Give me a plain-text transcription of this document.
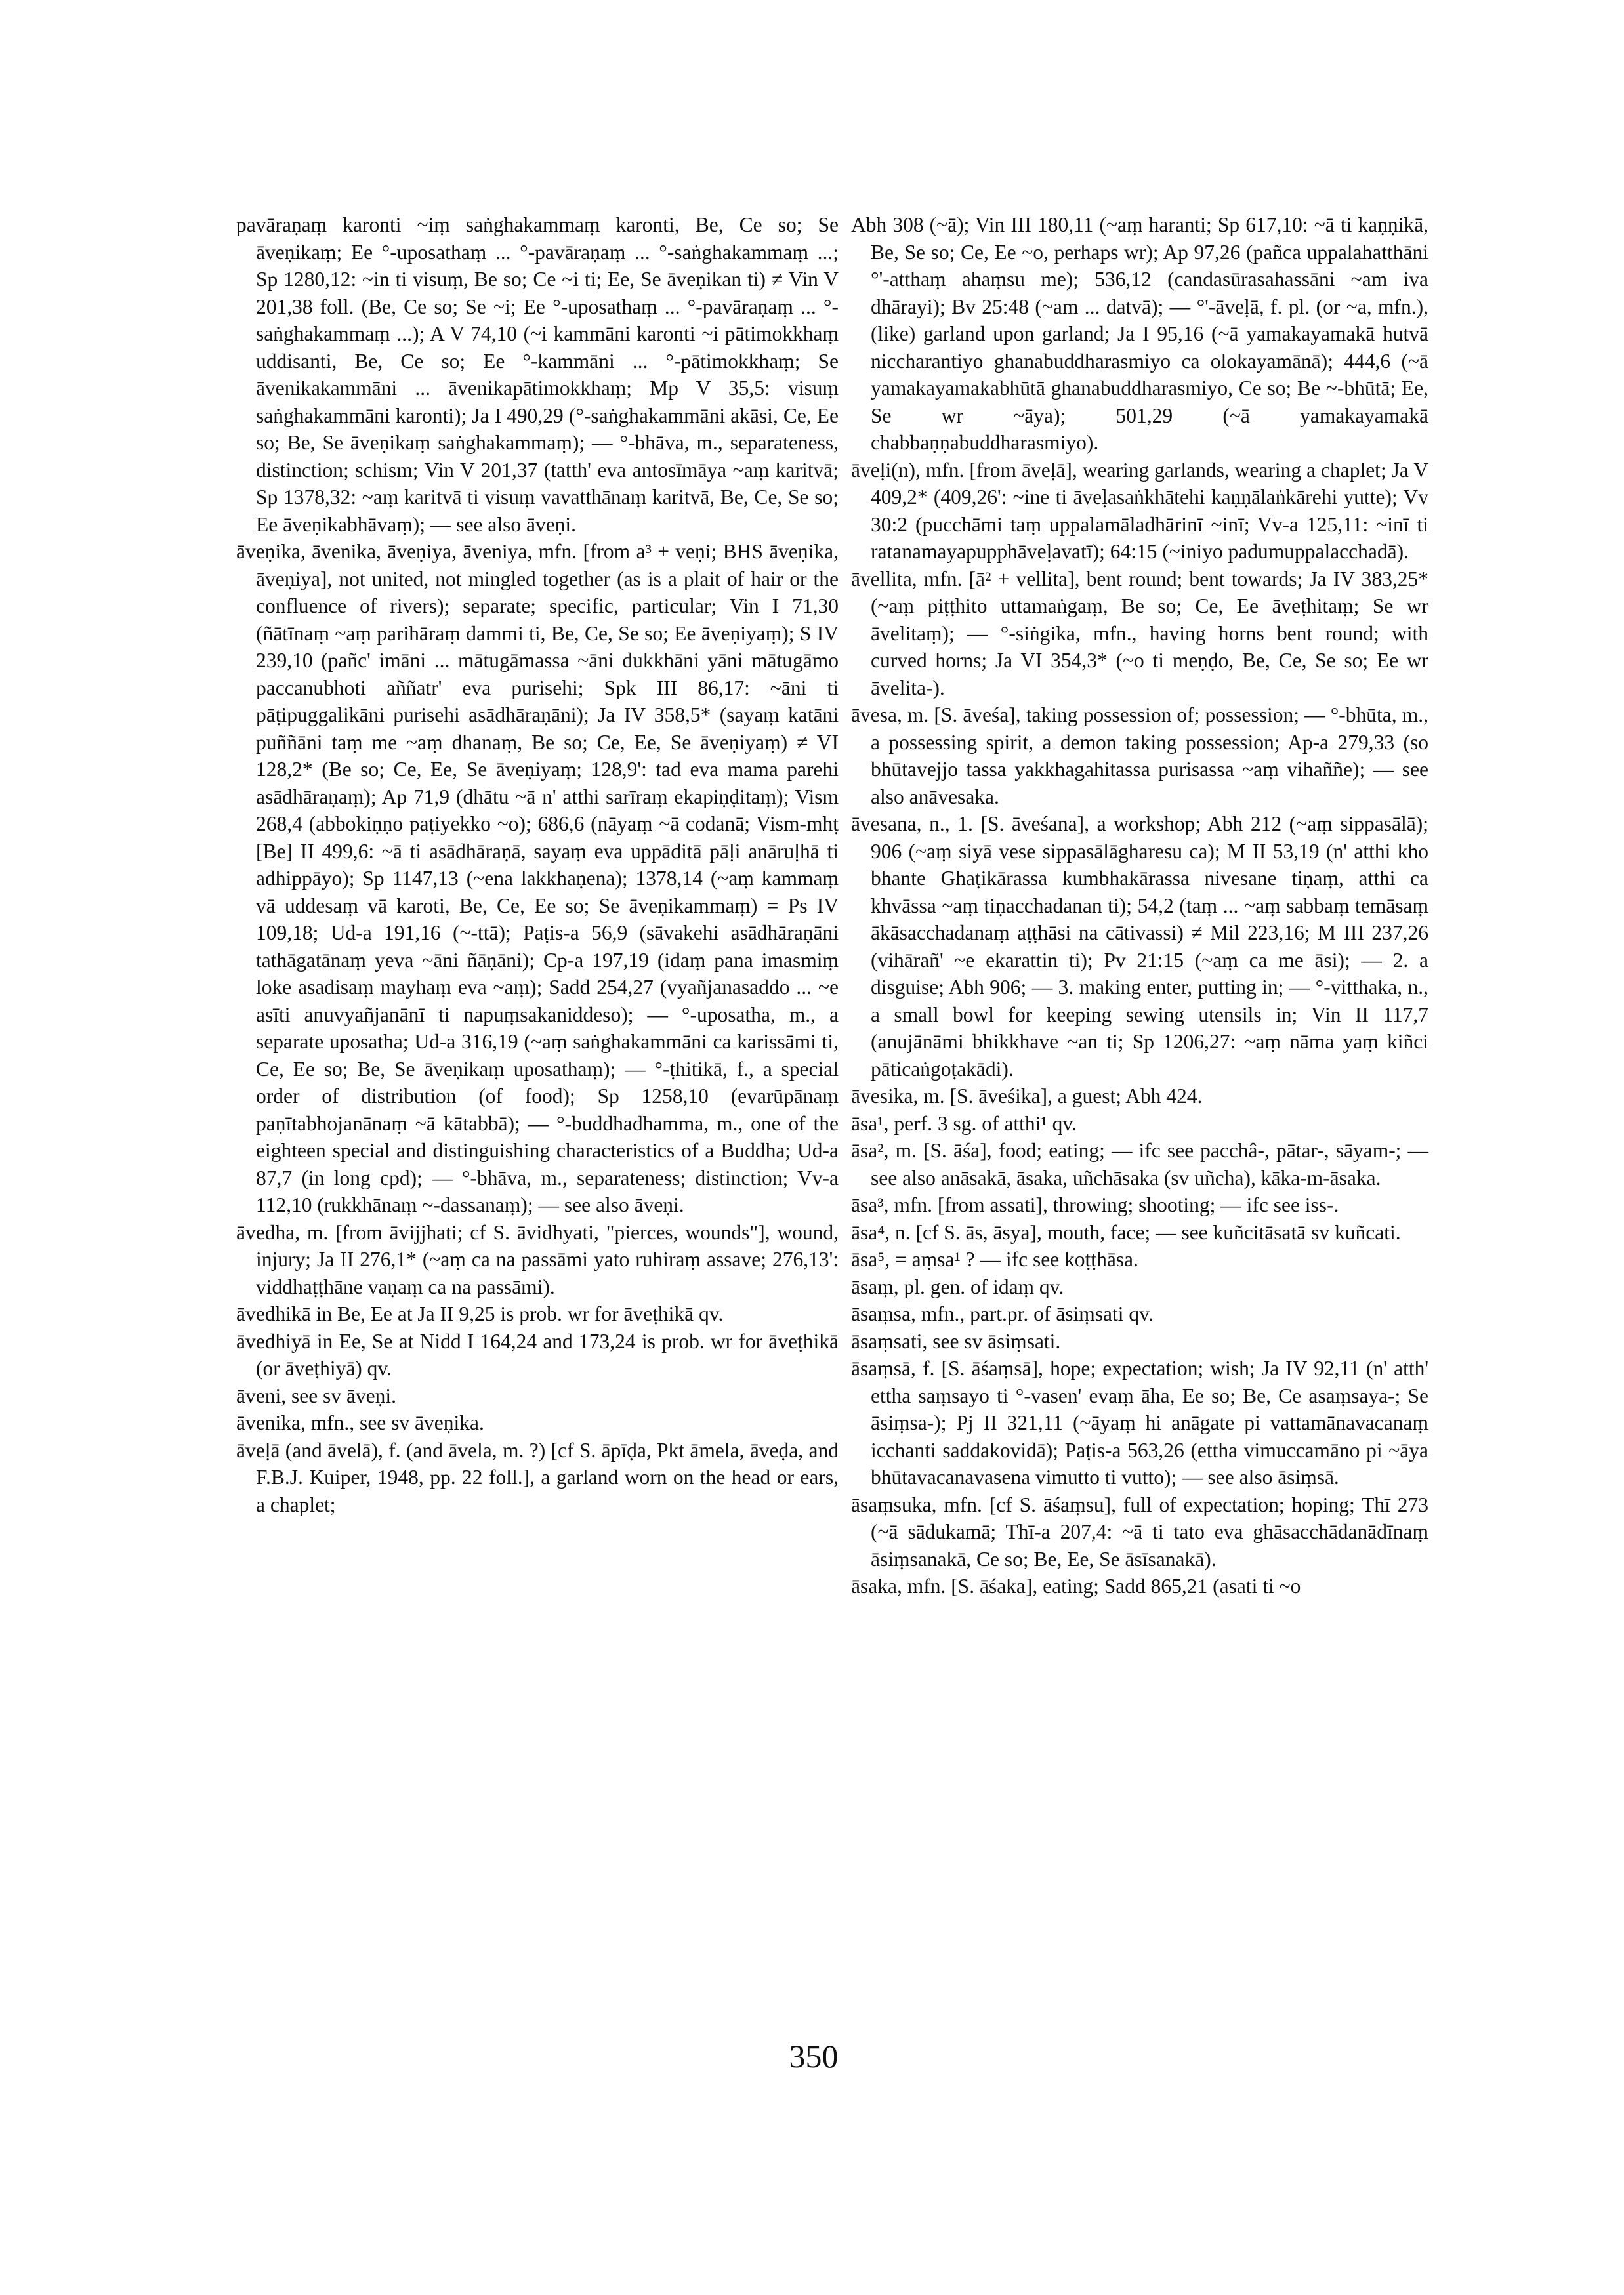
pavāraṇaṃ karonti ~iṃ saṅghakammaṃ karonti, Be, Ce so; Se āveṇikaṃ; Ee °-uposathaṃ ... °-pavāraṇaṃ ... °-saṅghakammaṃ ...; Sp 1280,12: ~in ti visuṃ, Be so; Ce ~i ti; Ee, Se āveṇikan ti) ≠ Vin V 201,38 foll. (Be, Ce so; Se ~i; Ee °-uposathaṃ ... °-pavāraṇaṃ ... °-saṅghakammaṃ ...); A V 74,10 (~i kammāni karonti ~i pātimokkhaṃ uddisanti, Be, Ce so; Ee °-kammāni ... °-pātimokkhaṃ; Se āvenikakammāni ... āvenikapātimokkhaṃ; Mp V 35,5: visuṃ saṅghakammāni karonti); Ja I 490,29 (°-saṅghakammāni akāsi, Ce, Ee so; Be, Se āveṇikaṃ saṅghakammaṃ); — °-bhāva, m., separateness, distinction; schism; Vin V 201,37 (tatth' eva antosīmāya ~aṃ karitvā; Sp 1378,32: ~aṃ karitvā ti visuṃ vavatthānaṃ karitvā, Be, Ce, Se so; Ee āveṇikabhāvaṃ); — see also āveṇi.

āveṇika, āvenika, āveṇiya, āveniya, mfn. [from a³ + veṇi; BHS āveṇika, āveṇiya], not united, not mingled together (as is a plait of hair or the confluence of rivers); separate; specific, particular; Vin I 71,30 (ñātīnaṃ ~aṃ parihāraṃ dammi ti, Be, Ce, Se so; Ee āveṇiyaṃ); S IV 239,10 (pañc' imāni ... mātugāmassa ~āni dukkhāni yāni mātugāmo paccanubhoti aññatr' eva purisehi; Spk III 86,17: ~āni ti pāṭipuggalikāni purisehi asādhāraṇāni); Ja IV 358,5* (sayaṃ katāni puññāni taṃ me ~aṃ dhanaṃ, Be so; Ce, Ee, Se āveṇiyaṃ) ≠ VI 128,2* (Be so; Ce, Ee, Se āveṇiyaṃ; 128,9': tad eva mama parehi asādhāraṇaṃ); Ap 71,9 (dhātu ~ā n' atthi sarīraṃ ekapiṇḍitaṃ); Vism 268,4 (abbokiṇṇo paṭiyekko ~o); 686,6 (nāyaṃ ~ā codanā; Vism-mhṭ [Be] II 499,6: ~ā ti asādhāraṇā, sayaṃ eva uppāditā pāḷi anāruḷhā ti adhippāyo); Sp 1147,13 (~ena lakkhaṇena); 1378,14 (~aṃ kammaṃ vā uddesaṃ vā karoti, Be, Ce, Ee so; Se āveṇikammaṃ) = Ps IV 109,18; Ud-a 191,16 (~-ttā); Paṭis-a 56,9 (sāvakehi asādhāraṇāni tathāgatānaṃ yeva ~āni ñāṇāni); Cp-a 197,19 (idaṃ pana imasmiṃ loke asadisaṃ mayhaṃ eva ~aṃ); Sadd 254,27 (vyañjanasaddo ... ~e asīti anuvyañjanānī ti napuṃsakaniddeso); — °-uposatha, m., a separate uposatha; Ud-a 316,19 (~aṃ saṅghakammāni ca karissāmi ti, Ce, Ee so; Be, Se āveṇikaṃ uposathaṃ); — °-ṭhitikā, f., a special order of distribution (of food); Sp 1258,10 (evarūpānaṃ paṇītabhojanānaṃ ~ā kātabbā); — °-buddhadhamma, m., one of the eighteen special and distinguishing characteristics of a Buddha; Ud-a 87,7 (in long cpd); — °-bhāva, m., separateness; distinction; Vv-a 112,10 (rukkhānaṃ ~-dassanaṃ); — see also āveṇi.

āvedha, m. [from āvijjhati; cf S. āvidhyati, "pierces, wounds"], wound, injury; Ja II 276,1* (~aṃ ca na passāmi yato ruhiraṃ assave; 276,13': viddhaṭṭhāne vaṇaṃ ca na passāmi).

āvedhikā in Be, Ee at Ja II 9,25 is prob. wr for āveṭhikā qv.

āvedhiyā in Ee, Se at Nidd I 164,24 and 173,24 is prob. wr for āveṭhikā (or āveṭhiyā) qv.

āveni, see sv āveṇi.

āvenika, mfn., see sv āveṇika.

āveḷā (and āvelā), f. (and āvela, m. ?) [cf S. āpīḍa, Pkt āmela, āveḍa, and F.B.J. Kuiper, 1948, pp. 22 foll.], a garland worn on the head or ears, a chaplet;

Abh 308 (~ā); Vin III 180,11 (~aṃ haranti; Sp 617,10: ~ā ti kaṇṇikā, Be, Se so; Ce, Ee ~o, perhaps wr); Ap 97,26 (pañca uppalahatthāni °'-atthaṃ ahaṃsu me); 536,12 (candasūrasahassāni ~am iva dhārayi); Bv 25:48 (~am ... datvā); — °'-āveḷā, f. pl. (or ~a, mfn.), (like) garland upon garland; Ja I 95,16 (~ā yamakayamakā hutvā niccharantiyo ghanabuddharasmiyo ca olokayamānā); 444,6 (~ā yamakayamakabhūtā ghanabuddharasmiyo, Ce so; Be ~-bhūtā; Ee, Se wr ~āya); 501,29 (~ā yamakayamakā chabbaṇṇabuddharasmiyo).

āveḷi(n), mfn. [from āveḷā], wearing garlands, wearing a chaplet; Ja V 409,2* (409,26': ~ine ti āveḷasaṅkhātehi kaṇṇālaṅkārehi yutte); Vv 30:2 (pucchāmi taṃ uppalamāladhārinī ~inī; Vv-a 125,11: ~inī ti ratanamayapupphāveḷavatī); 64:15 (~iniyo padumuppalacchadā).

āvellita, mfn. [ā² + vellita], bent round; bent towards; Ja IV 383,25* (~aṃ piṭṭhito uttamaṅgaṃ, Be so; Ce, Ee āveṭhitaṃ; Se wr āvelitaṃ); — °-siṅgika, mfn., having horns bent round; with curved horns; Ja VI 354,3* (~o ti meṇḍo, Be, Ce, Se so; Ee wr āvelita-).

āvesa, m. [S. āveśa], taking possession of; possession; — °-bhūta, m., a possessing spirit, a demon taking possession; Ap-a 279,33 (so bhūtavejjo tassa yakkhagahitassa purisassa ~aṃ vihaññe); — see also anāvesaka.

āvesana, n., 1. [S. āveśana], a workshop; Abh 212 (~aṃ sippasālā); 906 (~aṃ siyā vese sippasālāgharesu ca); M II 53,19 (n' atthi kho bhante Ghaṭikārassa kumbhakārassa nivesane tiṇaṃ, atthi ca khvāssa ~aṃ tiṇacchadanan ti); 54,2 (taṃ ... ~aṃ sabbaṃ temāsaṃ ākāsacchadanaṃ aṭṭhāsi na cātivassi) ≠ Mil 223,16; M III 237,26 (vihārañ' ~e ekarattin ti); Pv 21:15 (~aṃ ca me āsi); — 2. a disguise; Abh 906; — 3. making enter, putting in; — °-vitthaka, n., a small bowl for keeping sewing utensils in; Vin II 117,7 (anujānāmi bhikkhave ~an ti; Sp 1206,27: ~aṃ nāma yaṃ kiñci pāticaṅgoṭakādi).

āvesika, m. [S. āveśika], a guest; Abh 424.

āsa¹, perf. 3 sg. of atthi¹ qv.

āsa², m. [S. āśa], food; eating; — ifc see pacchâ-, pātar-, sāyam-; — see also anāsakā, āsaka, uñchāsaka (sv uñcha), kāka-m-āsaka.

āsa³, mfn. [from assati], throwing; shooting; — ifc see iss-.

āsa⁴, n. [cf S. ās, āsya], mouth, face; — see kuñcitāsatā sv kuñcati.

āsa⁵, = aṃsa¹ ? — ifc see koṭṭhāsa.

āsaṃ, pl. gen. of idaṃ qv.

āsaṃsa, mfn., part.pr. of āsiṃsati qv.

āsaṃsati, see sv āsiṃsati.

āsaṃsā, f. [S. āśaṃsā], hope; expectation; wish; Ja IV 92,11 (n' atth' ettha saṃsayo ti °-vasen' evaṃ āha, Ee so; Be, Ce asaṃsaya-; Se āsiṃsa-); Pj II 321,11 (~āyaṃ hi anāgate pi vattamānavacanaṃ icchanti saddakovidā); Paṭis-a 563,26 (ettha vimuccamāno pi ~āya bhūtavacanavasena vimutto ti vutto); — see also āsiṃsā.

āsaṃsuka, mfn. [cf S. āśaṃsu], full of expectation; hoping; Thī 273 (~ā sādukamā; Thī-a 207,4: ~ā ti tato eva ghāsacchādanādīnaṃ āsiṃsanakā, Ce so; Be, Ee, Se āsīsanakā).

āsaka, mfn. [S. āśaka], eating; Sadd 865,21 (asati ti ~o

350
